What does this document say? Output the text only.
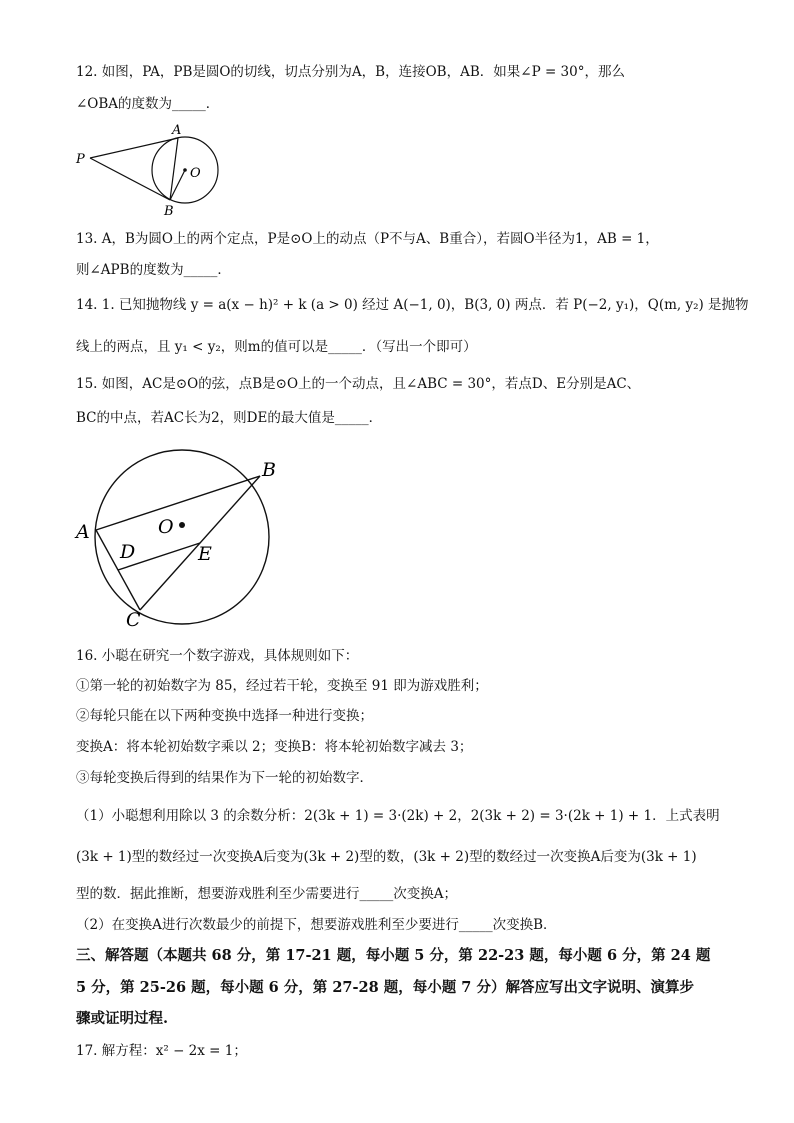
12. 如图，PA，PB是圆O的切线，切点分别为A，B，连接OB，AB．如果∠P = 30°，那么
∠OBA的度数为_____．
P
A
O
B
13. A，B为圆O上的两个定点，P是⊙O上的动点（P不与A、B重合），若圆O半径为1，AB = 1，
则∠APB的度数为_____．
14. 1. 已知抛物线 y = a(x − h)² + k (a > 0) 经过 A(−1, 0)，B(3, 0) 两点．若 P(−2, y₁)，Q(m, y₂) 是抛物
线上的两点，且 y₁ < y₂，则m的值可以是_____．（写出一个即可）
15. 如图，AC是⊙O的弦，点B是⊙O上的一个动点，且∠ABC = 30°，若点D、E分别是AC、
BC的中点，若AC长为2，则DE的最大值是_____．
A
B
C
D	E
O
16. 小聪在研究一个数字游戏，具体规则如下：
①第一轮的初始数字为 85，经过若干轮，变换至 91 即为游戏胜利；
②每轮只能在以下两种变换中选择一种进行变换；
变换A：将本轮初始数字乘以 2；变换B：将本轮初始数字减去 3；
③每轮变换后得到的结果作为下一轮的初始数字．
（1）小聪想利用除以 3 的余数分析：2(3k + 1) = 3·(2k) + 2，2(3k + 2) = 3·(2k + 1) + 1．上式表明
(3k + 1)型的数经过一次变换A后变为(3k + 2)型的数，(3k + 2)型的数经过一次变换A后变为(3k + 1)
型的数．据此推断，想要游戏胜利至少需要进行_____次变换A；
（2）在变换A进行次数最少的前提下，想要游戏胜利至少要进行_____次变换B．
三、解答题（本题共 68 分，第 17-21 题，每小题 5 分，第 22-23 题，每小题 6 分，第 24 题
5 分，第 25-26 题，每小题 6 分，第 27-28 题，每小题 7 分）解答应写出文字说明、演算步
骤或证明过程.
17. 解方程：x² − 2x = 1；
